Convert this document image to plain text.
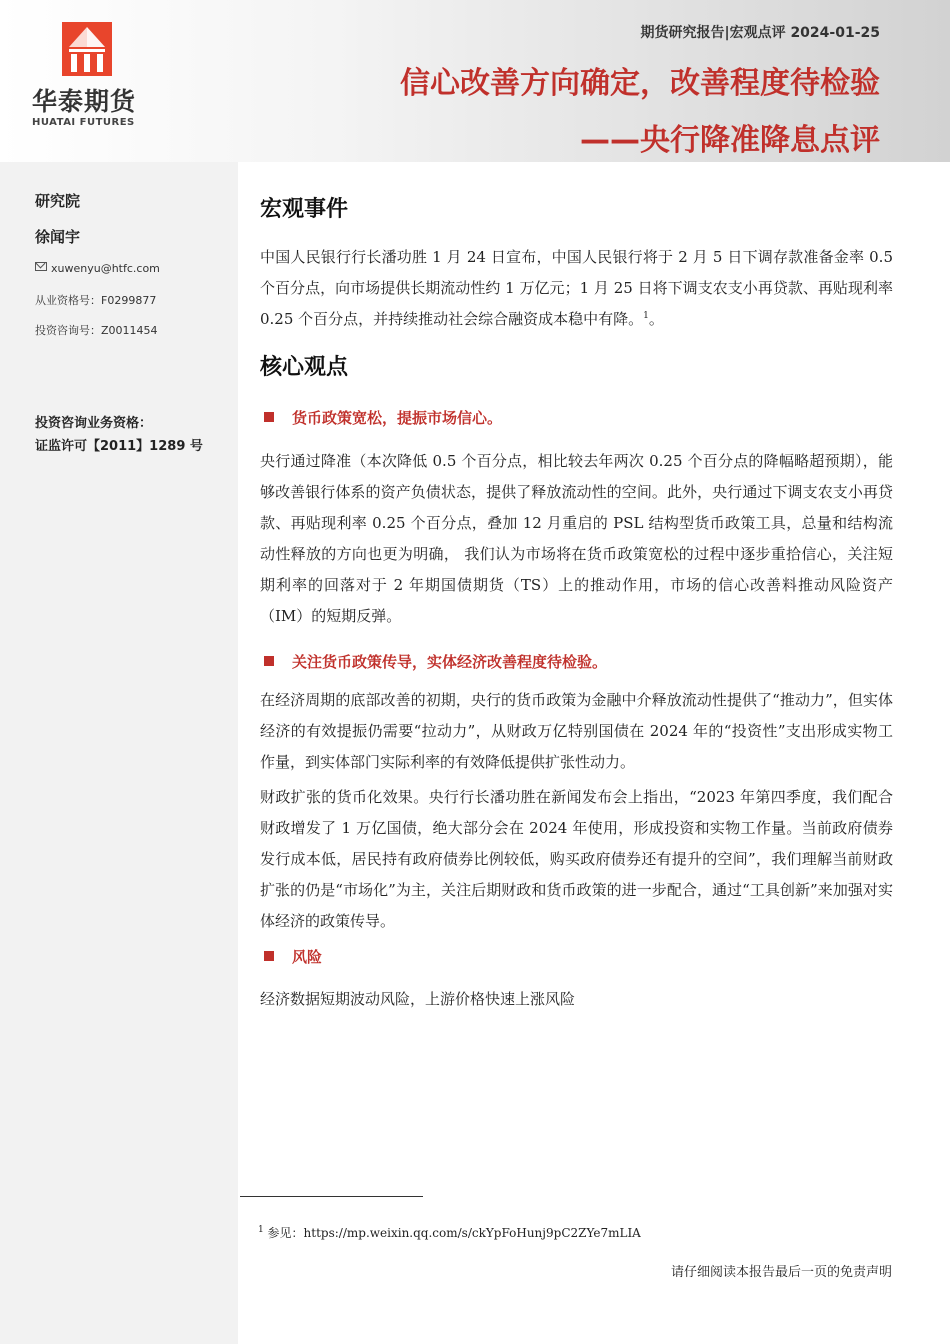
华泰期货
HUATAI FUTURES
期货研究报告|宏观点评 2024-01-25
信心改善方向确定，改善程度待检验
——央行降准降息点评
研究院
徐闻宇
xuwenyu@htfc.com
从业资格号：F0299877
投资咨询号：Z0011454
投资咨询业务资格：
证监许可【2011】1289 号
宏观事件

中国人民银行行长潘功胜 1 月 24 日宣布，中国人民银行将于 2 月 5 日下调存款准备金率 0.5 个百分点，向市场提供长期流动性约 1 万亿元；1 月 25 日将下调支农支小再贷款、再贴现利率 0.25 个百分点，并持续推动社会综合融资成本稳中有降。$^1$。

核心观点
货币政策宽松，提振市场信心。

央行通过降准（本次降低 0.5 个百分点，相比较去年两次 0.25 个百分点的降幅略超预期），能够改善银行体系的资产负债状态，提供了释放流动性的空间。此外，央行通过下调支农支小再贷款、再贴现利率 0.25 个百分点，叠加 12 月重启的 PSL 结构型货币政策工具，总量和结构流动性释放的方向也更为明确， 我们认为市场将在货币政策宽松的过程中逐步重拾信心，关注短期利率的回落对于 2 年期国债期货（TS）上的推动作用，市场的信心改善料推动风险资产（IM）的短期反弹。

关注货币政策传导，实体经济改善程度待检验。

在经济周期的底部改善的初期，央行的货币政策为金融中介释放流动性提供了“推动力”，但实体经济的有效提振仍需要“拉动力”，从财政万亿特别国债在 2024 年的“投资性”支出形成实物工作量，到实体部门实际利率的有效降低提供扩张性动力。

财政扩张的货币化效果。央行行长潘功胜在新闻发布会上指出，“2023 年第四季度，我们配合财政增发了 1 万亿国债，绝大部分会在 2024 年使用，形成投资和实物工作量。当前政府债券发行成本低，居民持有政府债券比例较低，购买政府债券还有提升的空间”，我们理解当前财政扩张的仍是“市场化”为主，关注后期财政和货币政策的进一步配合，通过“工具创新”来加强对实体经济的政策传导。

风险

经济数据短期波动风险，上游价格快速上涨风险

$^1$ 参见：https://mp.weixin.qq.com/s/ckYpFoHunj9pC2ZYe7mLIA
请仔细阅读本报告最后一页的免责声明
